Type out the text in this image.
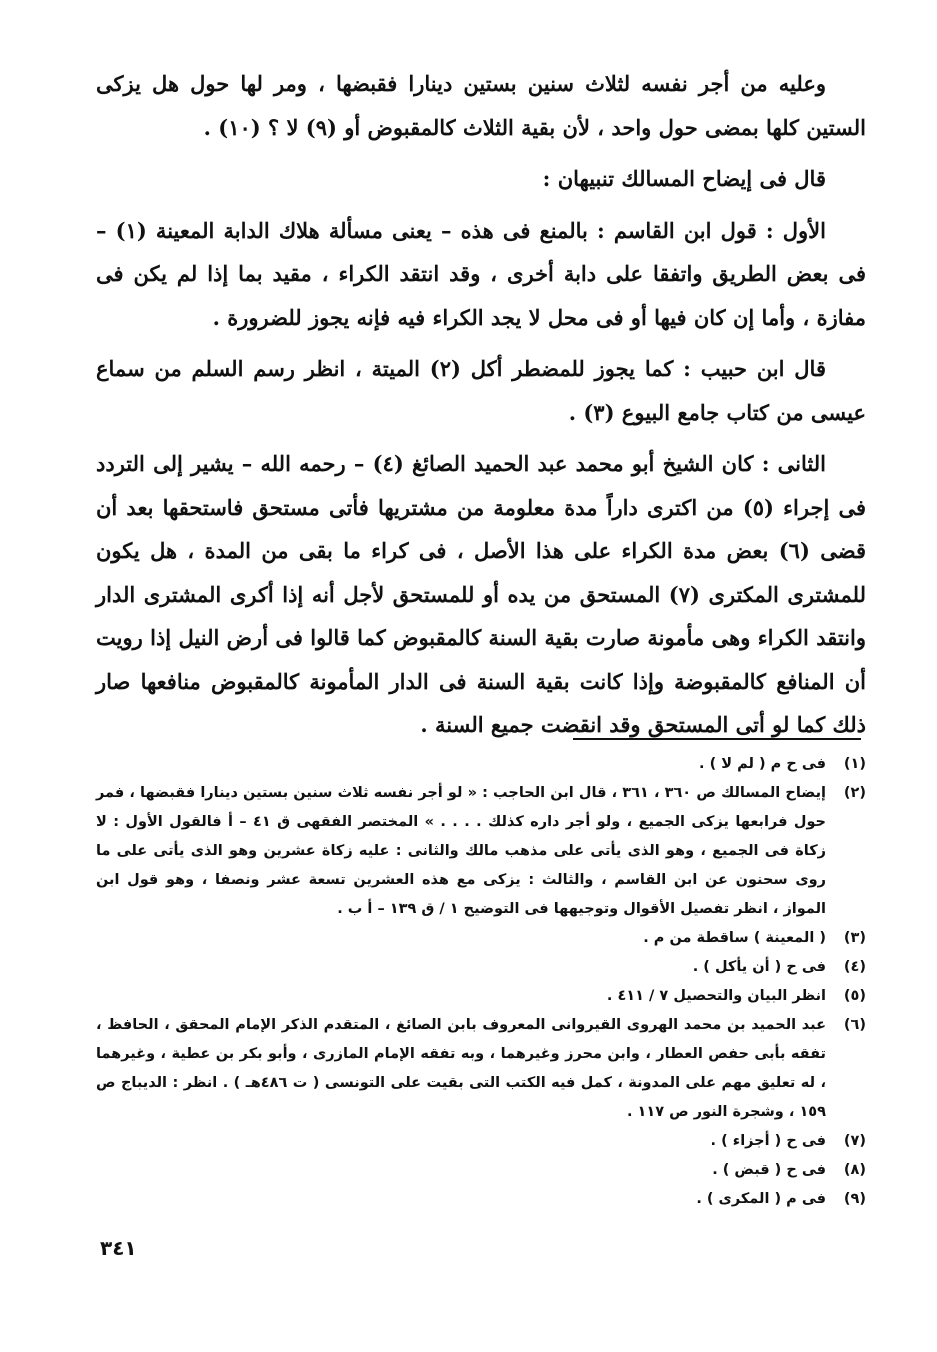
وعليه من أجر نفسه لثلاث سنين بستين دينارا فقبضها ، ومر لها حول هل يزكى الستين كلها بمضى حول واحد ، لأن بقية الثلاث كالمقبوض أو (٩) لا ؟ (١٠) .

قال فى إيضاح المسالك تنبيهان :

الأول : قول ابن القاسم : بالمنع فى هذه – يعنى مسألة هلاك الدابة المعينة (١) – فى بعض الطريق واتفقا على دابة أخرى ، وقد انتقد الكراء ، مقيد بما إذا لم يكن فى مفازة ، وأما إن كان فيها أو فى محل لا يجد الكراء فيه فإنه يجوز للضرورة .

قال ابن حبيب : كما يجوز للمضطر أكل (٢) الميتة ، انظر رسم السلم من سماع عيسى من كتاب جامع البيوع (٣) .

الثانى : كان الشيخ أبو محمد عبد الحميد الصائغ (٤) – رحمه الله – يشير إلى التردد فى إجراء (٥) من اكترى داراً مدة معلومة من مشتريها فأتى مستحق فاستحقها بعد أن قضى (٦) بعض مدة الكراء على هذا الأصل ، فى كراء ما بقى من المدة ، هل يكون للمشترى المكترى (٧) المستحق من يده أو للمستحق لأجل أنه إذا أكرى المشترى الدار وانتقد الكراء وهى مأمونة صارت بقية السنة كالمقبوض كما قالوا فى أرض النيل إذا رويت أن المنافع كالمقبوضة وإذا كانت بقية السنة فى الدار المأمونة كالمقبوض منافعها صار ذلك كما لو أتى المستحق وقد انقضت جميع السنة .

(١)
فى ح م ( لم لا ) .
(٢)
إيضاح المسالك ص ٣٦٠ ، ٣٦١ ، قال ابن الحاجب : « لو أجر نفسه ثلاث سنين بستين دينارا فقبضها ، فمر حول فرابعها يزكى الجميع ، ولو أجر داره كذلك . . . . » المختصر الفقهى ق ٤١ – أ فالقول الأول : لا زكاة فى الجميع ، وهو الذى يأتى على مذهب مالك والثانى : عليه زكاة عشرين وهو الذى يأتى على ما روى سحنون عن ابن القاسم ، والثالث : يزكى مع هذه العشرين تسعة عشر ونصفا ، وهو قول ابن المواز ، انظر تفصيل الأقوال وتوجيهها فى التوضيح ١ / ق ١٣٩ – أ ب .
(٣)
( المعينة ) ساقطة من م .
(٤)
فى ح ( أن يأكل ) .
(٥)
انظر البيان والتحصيل ٧ / ٤١١ .
(٦)
عبد الحميد بن محمد الهروى القيروانى المعروف بابن الصائغ ، المتقدم الذكر الإمام المحقق ، الحافظ ، تفقه بأبى حفص العطار ، وابن محرز وغيرهما ، وبه تفقه الإمام المازرى ، وأبو بكر بن عطية ، وغيرهما ، له تعليق مهم على المدونة ، كمل فيه الكتب التى بقيت على التونسى ( ت ٤٨٦هـ ) . انظر : الديباج ص ١٥٩ ، وشجرة النور ص ١١٧ .
(٧)
فى ح ( أجزاء ) .
(٨)
فى ح ( قبض ) .
(٩)
فى م ( المكرى ) .
٣٤١
